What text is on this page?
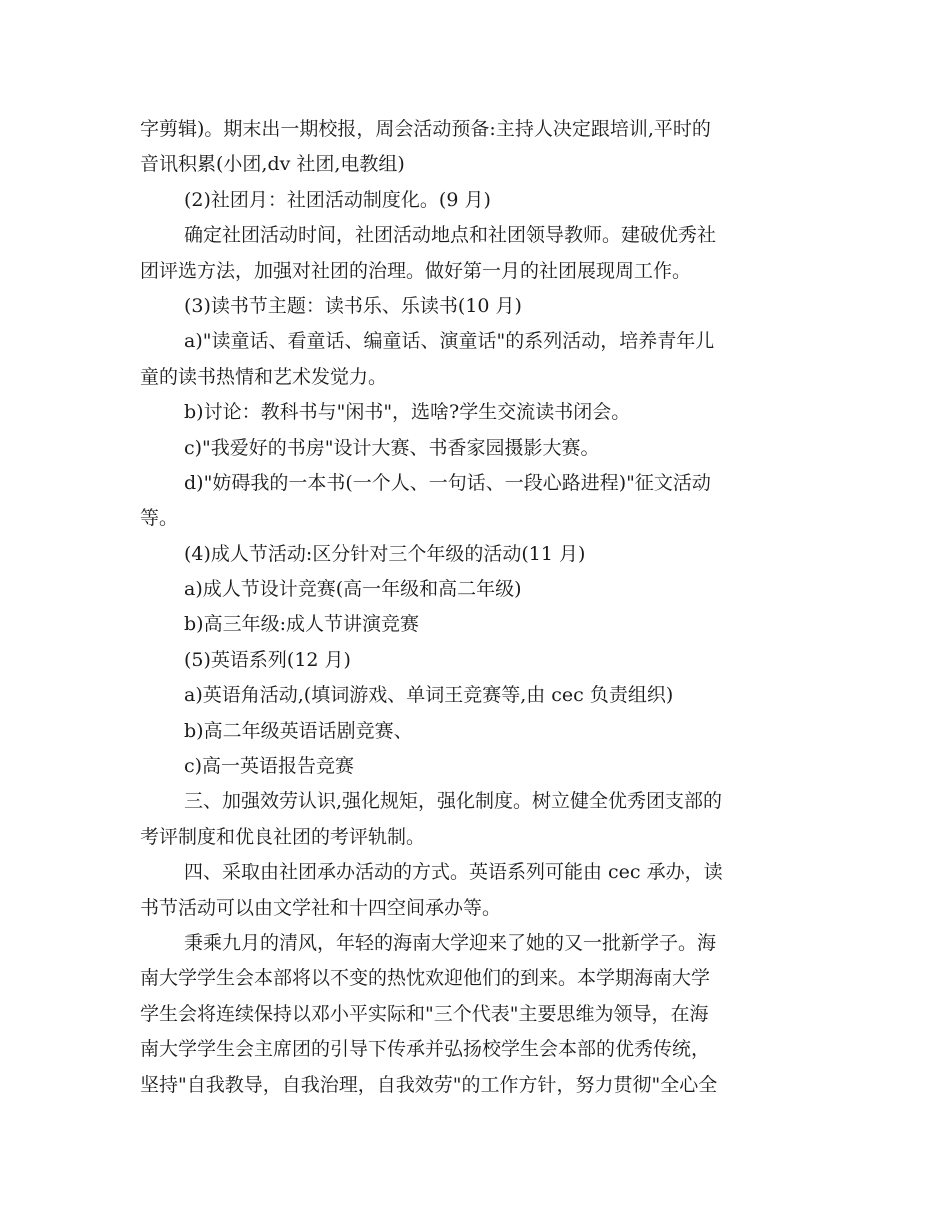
字剪辑)。期末出一期校报，周会活动预备:主持人决定跟培训,平时的
音讯积累(小团,dv 社团,电教组)
(2)社团月：社团活动制度化。(9 月)
确定社团活动时间，社团活动地点和社团领导教师。建破优秀社
团评选方法，加强对社团的治理。做好第一月的社团展现周工作。
(3)读书节主题：读书乐、乐读书(10 月)
a)"读童话、看童话、编童话、演童话"的系列活动，培养青年儿
童的读书热情和艺术发觉力。
b)讨论：教科书与"闲书"，选啥?学生交流读书闭会。
c)"我爱好的书房"设计大赛、书香家园摄影大赛。
d)"妨碍我的一本书(一个人、一句话、一段心路进程)"征文活动
等。
(4)成人节活动:区分针对三个年级的活动(11 月)
a)成人节设计竞赛(高一年级和高二年级)
b)高三年级:成人节讲演竞赛
(5)英语系列(12 月)
a)英语角活动,(填词游戏、单词王竞赛等,由 cec 负责组织)
b)高二年级英语话剧竞赛、
c)高一英语报告竞赛
三、加强效劳认识,强化规矩，强化制度。树立健全优秀团支部的
考评制度和优良社团的考评轨制。
四、采取由社团承办活动的方式。英语系列可能由 cec 承办，读
书节活动可以由文学社和十四空间承办等。
秉乘九月的清风，年轻的海南大学迎来了她的又一批新学子。海
南大学学生会本部将以不变的热忱欢迎他们的到来。本学期海南大学
学生会将连续保持以邓小平实际和"三个代表"主要思维为领导，在海
南大学学生会主席团的引导下传承并弘扬校学生会本部的优秀传统，
坚持"自我教导，自我治理，自我效劳"的工作方针，努力贯彻"全心全
